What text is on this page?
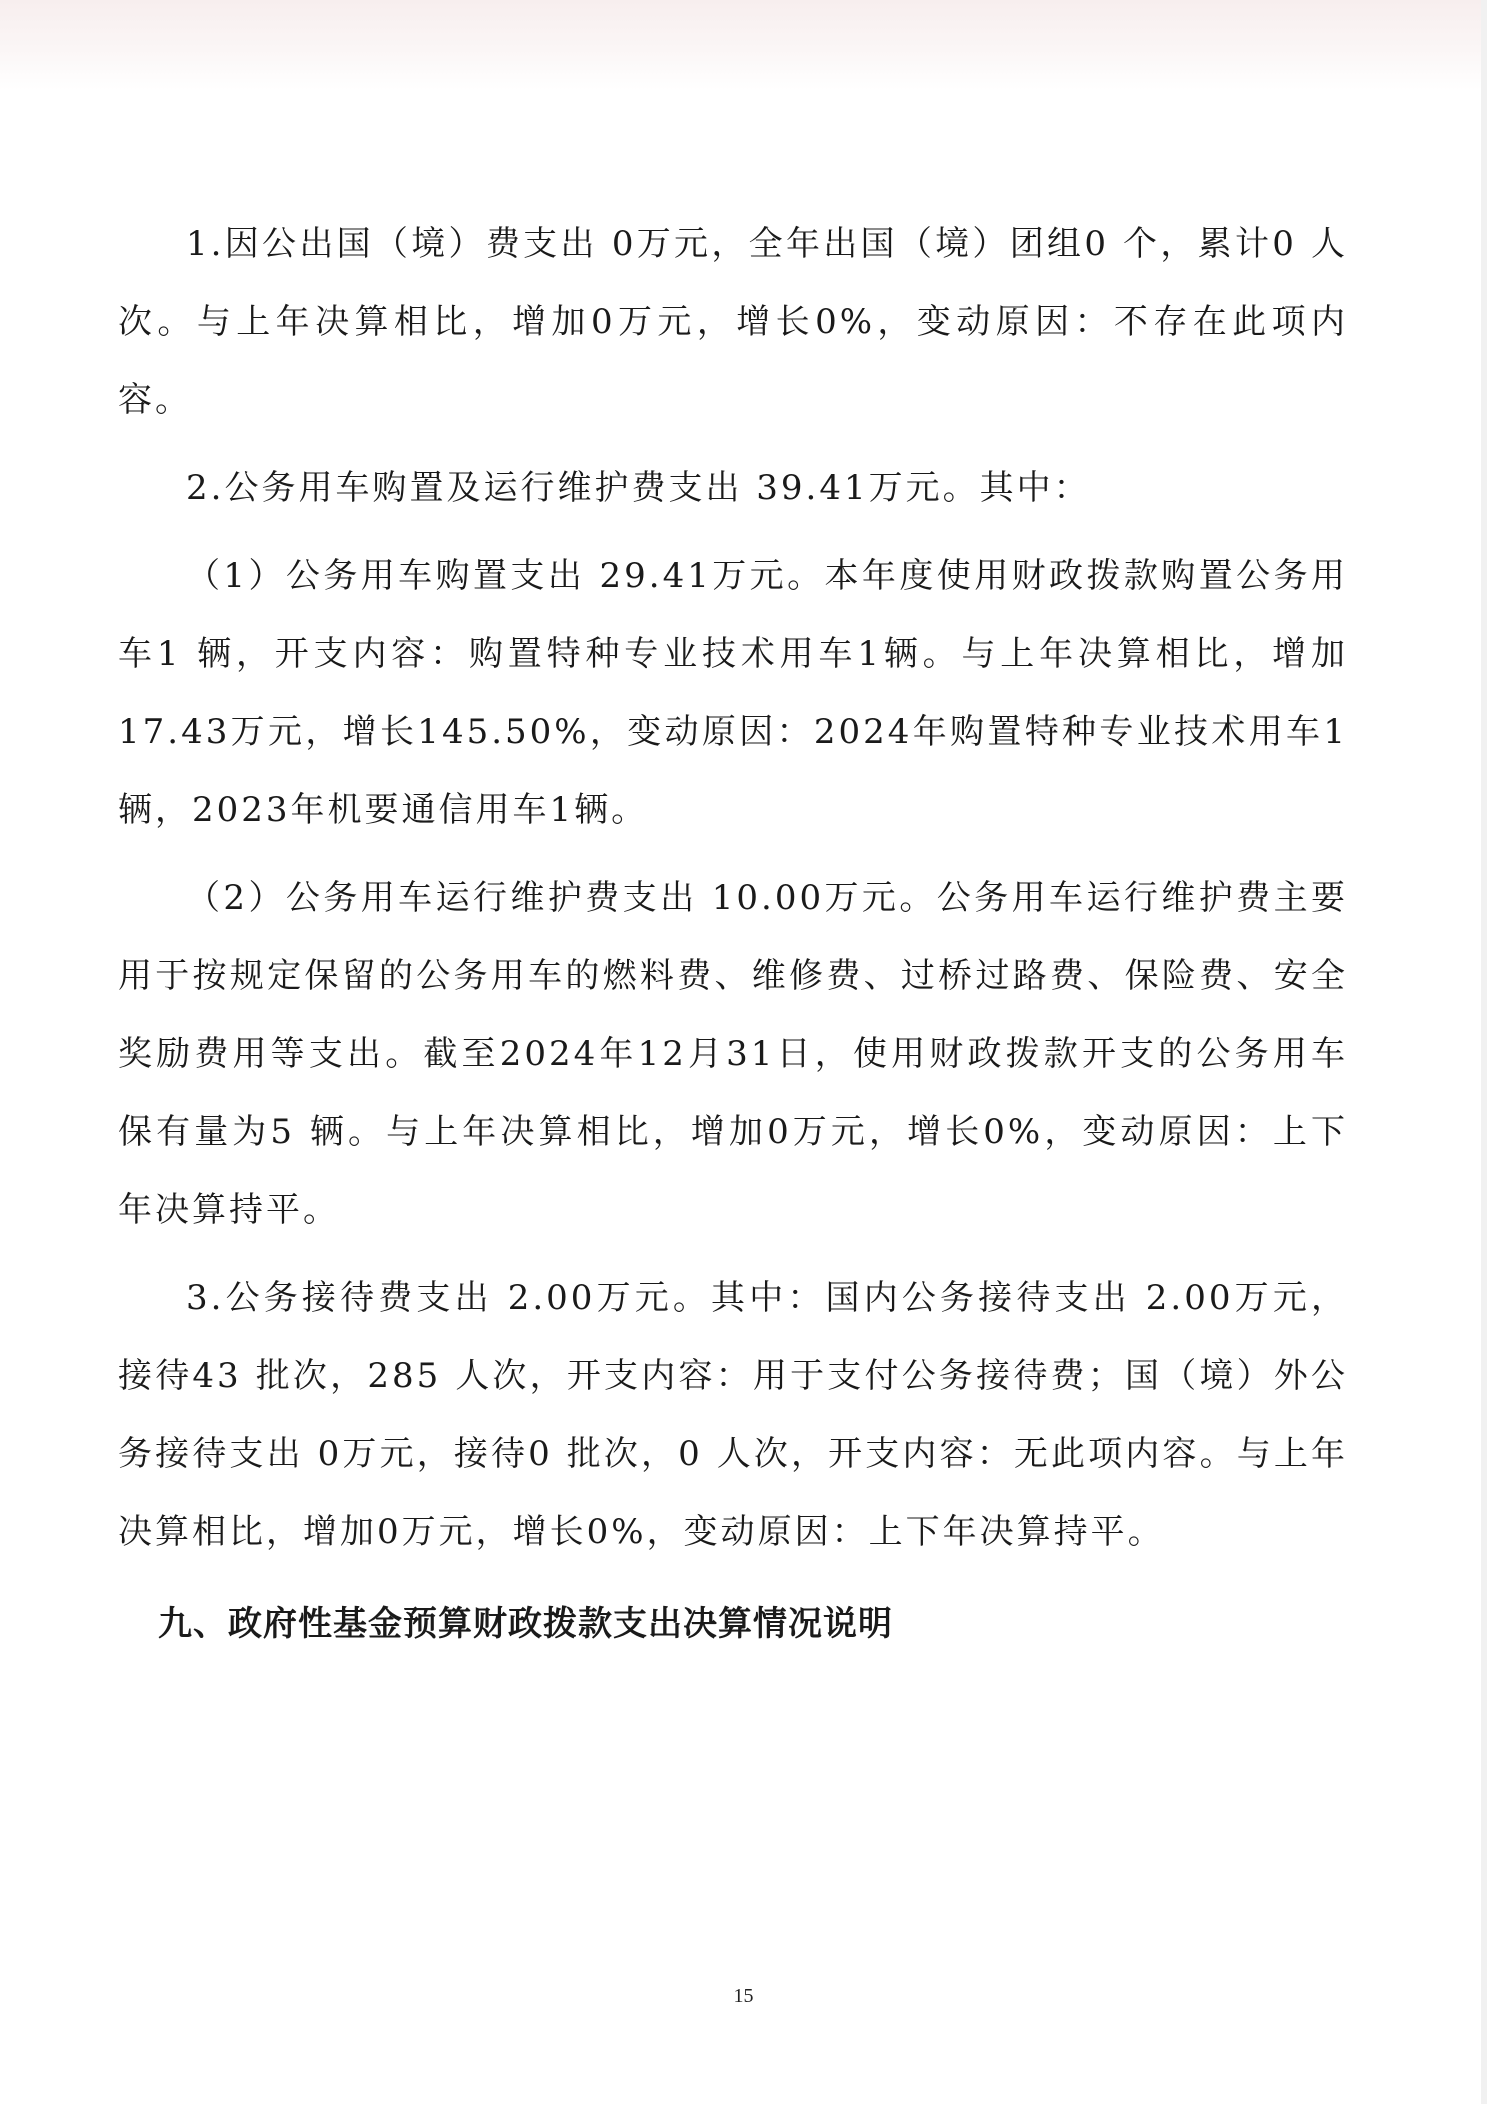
1.因公出国（境）费支出 0万元，全年出国（境）团组0 个，累计0 人次。与上年决算相比，增加0万元，增长0%，变动原因：不存在此项内容。

2.公务用车购置及运行维护费支出 39.41万元。其中：

（1）公务用车购置支出 29.41万元。本年度使用财政拨款购置公务用车1 辆，开支内容：购置特种专业技术用车1辆。与上年决算相比，增加17.43万元，增长145.50%，变动原因：2024年购置特种专业技术用车1辆，2023年机要通信用车1辆。

（2）公务用车运行维护费支出 10.00万元。公务用车运行维护费主要用于按规定保留的公务用车的燃料费、维修费、过桥过路费、保险费、安全奖励费用等支出。截至2024年12月31日，使用财政拨款开支的公务用车保有量为5 辆。与上年决算相比，增加0万元，增长0%，变动原因：上下年决算持平。

3.公务接待费支出 2.00万元。其中：国内公务接待支出 2.00万元，接待43 批次，285 人次，开支内容：用于支付公务接待费；国（境）外公务接待支出 0万元，接待0 批次，0 人次，开支内容：无此项内容。与上年决算相比，增加0万元，增长0%，变动原因：上下年决算持平。

九、政府性基金预算财政拨款支出决算情况说明
15
